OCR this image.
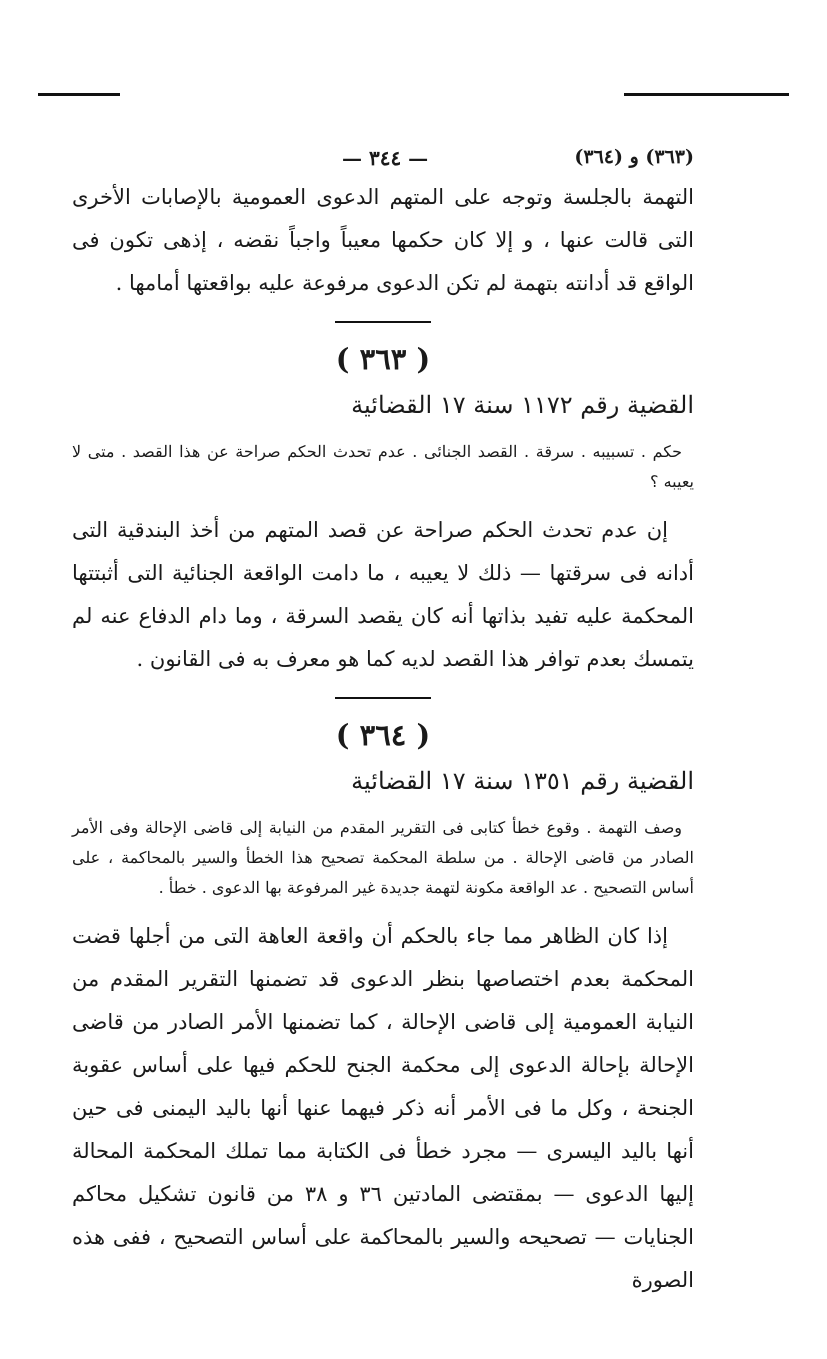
(٣٦٣) و (٣٦٤)
— ٣٤٤ —

التهمة بالجلسة وتوجه على المتهم الدعوى العمومية بالإصابات الأخرى التى قالت عنها ، و إلا كان حكمها معيباً واجباً نقضه ، إذهى تكون فى الواقع قد أدانته بتهمة لم تكن الدعوى مرفوعة عليه بواقعتها أمامها .

( ٣٦٣ )
القضية رقم ١١٧٢ سنة ١٧ القضائية

حكم . تسبيبه . سرقة . القصد الجنائى . عدم تحدث الحكم صراحة عن هذا القصد . متى لا يعيبه ؟

إن عدم تحدث الحكم صراحة عن قصد المتهم من أخذ البندقية التى أدانه فى سرقتها — ذلك لا يعيبه ، ما دامت الواقعة الجنائية التى أثبتتها المحكمة عليه تفيد بذاتها أنه كان يقصد السرقة ، وما دام الدفاع عنه لم يتمسك بعدم توافر هذا القصد لديه كما هو معرف به فى القانون .

( ٣٦٤ )
القضية رقم ١٣٥١ سنة ١٧ القضائية

وصف التهمة . وقوع خطأ كتابى فى التقرير المقدم من النيابة إلى قاضى الإحالة وفى الأمر الصادر من قاضى الإحالة . من سلطة المحكمة تصحيح هذا الخطأ والسير بالمحاكمة ، على أساس التصحيح . عد الواقعة مكونة لتهمة جديدة غير المرفوعة بها الدعوى . خطأ .

إذا كان الظاهر مما جاء بالحكم أن واقعة العاهة التى من أجلها قضت المحكمة بعدم اختصاصها بنظر الدعوى قد تضمنها التقرير المقدم من النيابة العمومية إلى قاضى الإحالة ، كما تضمنها الأمر الصادر من قاضى الإحالة بإحالة الدعوى إلى محكمة الجنح للحكم فيها على أساس عقوبة الجنحة ، وكل ما فى الأمر أنه ذكر فيهما عنها أنها باليد اليمنى فى حين أنها باليد اليسرى — مجرد خطأ فى الكتابة مما تملك المحكمة المحالة إليها الدعوى — بمقتضى المادتين ٣٦ و ٣٨ من قانون تشكيل محاكم الجنايات — تصحيحه والسير بالمحاكمة على أساس التصحيح ، ففى هذه الصورة
